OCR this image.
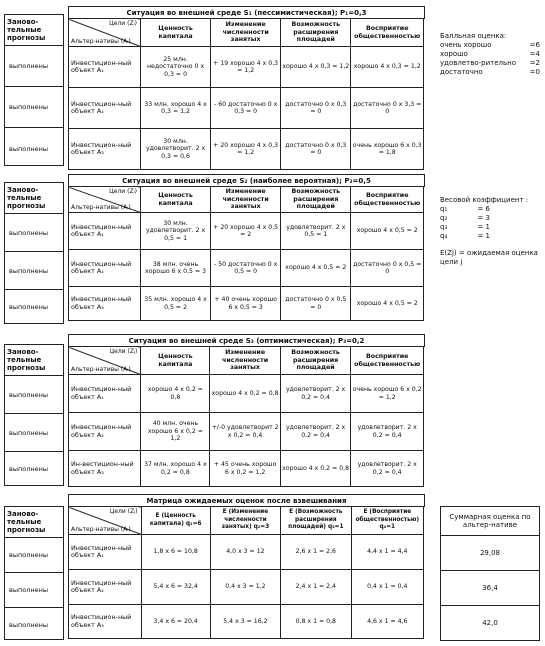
Заново-тельные прогнозы
выполнены
выполнены
выполнены
Ситуация во внешней среде S₁ (пессимистическая); P₁=0,3
Цели (Zⱼ)
Альтер-нативы (Aᵢ)	Ценность капитала	Изменение численности занятых	Возможность расширения площадей	Восприятие общественностью
Инвестицион-ный объект A₁	25 млн. недостаточно 0 x 0,3 = 0	+ 19 хорошо 4 x 0,3 = 1,2	хорошо 4 x 0,3 = 1,2	хорошо 4 x 0,3 = 1,2
Инвестицион-ный объект A₂	33 млн. хорошо 4 x 0,3 = 1,2	- 60 достаточно 0 x 0,3 = 0	достаточно 0 x 0,3 = 0	достаточно 0 x 3,3 = 0
Инвестицион-ный объект A₃	30 млн. удовлетворит. 2 x 0,3 = 0,6	+ 20 хорошо 4 x 0,3 = 1,2	достаточно 0 x 0,3 = 0	очень хорошо 6 x 0,3 = 1,8
Балльная оценка:
очень хорошо	=6
хорошо	=4
удовлетво-рительно =2
достаточно	=0
Заново-тельные прогнозы
выполнены
выполнены
выполнены
Ситуация во внешней среде S₂ (наиболее вероятная); P₂=0,5
Цели (Zⱼ)
Альтер-нативы (Aᵢ)	Ценность капитала	Изменение численности занятых	Возможность расширения площадей	Восприятие общественностью
Инвестицион-ный объект A₁	30 млн. удовлетворит. 2 x 0,5 = 1	+ 20 хорошо 4 x 0,5 = 2	удовлетворит. 2 x 0,5 = 1	хорошо 4 x 0,5 = 2
Инвестицион-ный объект A₂	38 млн. очень хорошо 6 x 0,5 = 3	- 50 достаточно 0 x 0,5 = 0	хорошо 4 x 0,5 = 2	достаточно 0 x 0,5 = 0
Инвестицион-ный объект A₃	35 млн. хорошо 4 x 0,5 = 2	+ 40 очень хорошо 6 x 0,5 = 3	достаточно 0 x 0,5 = 0	хорошо 4 x 0,5 = 2
Весовой коэффициент :
q₁	= 6
q₂	= 3
q₃	= 1
q₄	= 1
E(Zj) = ожидаемая оценка цели j
Заново-тельные прогнозы
выполнены
выполнены
выполнены
Ситуация во внешней среде S₃ (оптимистическая); P₃=0,2
Цели (Zⱼ)
Альтер-нативы (Aᵢ)	Ценность капитала	Изменение численности занятых	Возможность расширения площадей	Восприятие общественностью
Инвестицион-ный объект A₁	хорошо 4 x 0,2 = 0,8	хорошо 4 x 0,2 = 0,8	удовлетворит. 2 x 0,2 = 0,4	очень хорошо 6 x 0,2 = 1,2
Инвестицион-ный объект A₂	40 млн. очень хорошо 6 x 0,2 = 1,2	+/-0 удовлетворит 2 x 0,2 = 0,4	удовлетворит. 2 x 0,2 = 0,4	удовлетворит. 2 x 0,2 = 0,4
Ин-вестицион-ный объект A₃	37 млн. хорошо 4 x 0,2 = 0,8	+ 45 очень хорошо 6 x 0,2 = 1,2	хорошо 4 x 0,2 = 0,8	удовлетворит. 2 x 0,2 = 0,4
Заново-тельные прогнозы
выполнены
выполнены
выполнены
Матрица ожидаемых оценок после взвешивания
Цели (Zⱼ)
Альтер-нативы (Aᵢ)	E (Ценность капитала) q₁=6	E (Изменение численности занятых) q₂=3	E (Возможность расширения площадей) q₃=1	E (Восприятие общественностью) q₄=1
Инвестицион-ный объект A₁	1,8 x 6 = 10,8	4,0 x 3 = 12	2,6 x 1 = 2,6	4,4 x 1 = 4,4
Инвестицион-ный объект A₂	5,4 x 6 = 32,4	0,4 x 3 = 1,2	2,4 x 1 = 2,4	0,4 x 1 = 0,4
Инвестицион-ный объект A₃	3,4 x 6 = 20,4	5,4 x 3 = 16,2	0,8 x 1 = 0,8	4,6 x 1 = 4,6
Суммарная оценка по альтер-нативе
29,08
36,4
42,0
